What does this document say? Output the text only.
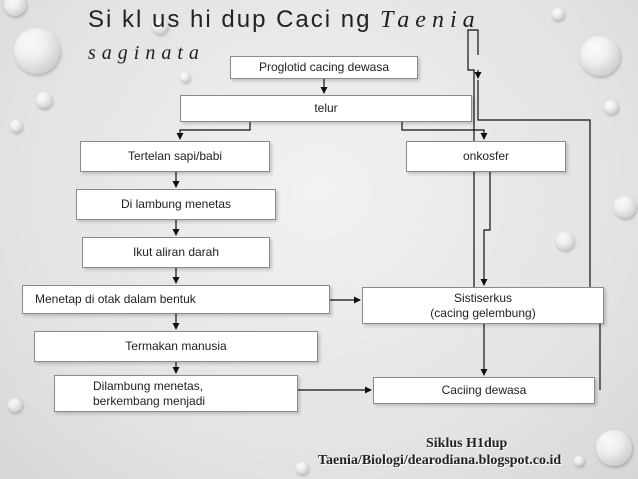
Si kl us hi dup Caci ng Taenia
saginata
Proglotid cacing dewasa
telur
Tertelan sapi/babi	onkosfer
Di lambung menetas
Ikut aliran darah
Menetap di otak dalam bentuk	Sistiserkus
(cacing gelembung)
Termakan manusia
Dilambung menetas,
berkembang menjadi
Caciing dewasa
Siklus H1dup
Taenia/Biologi/dearodiana.blogspot.co.id
